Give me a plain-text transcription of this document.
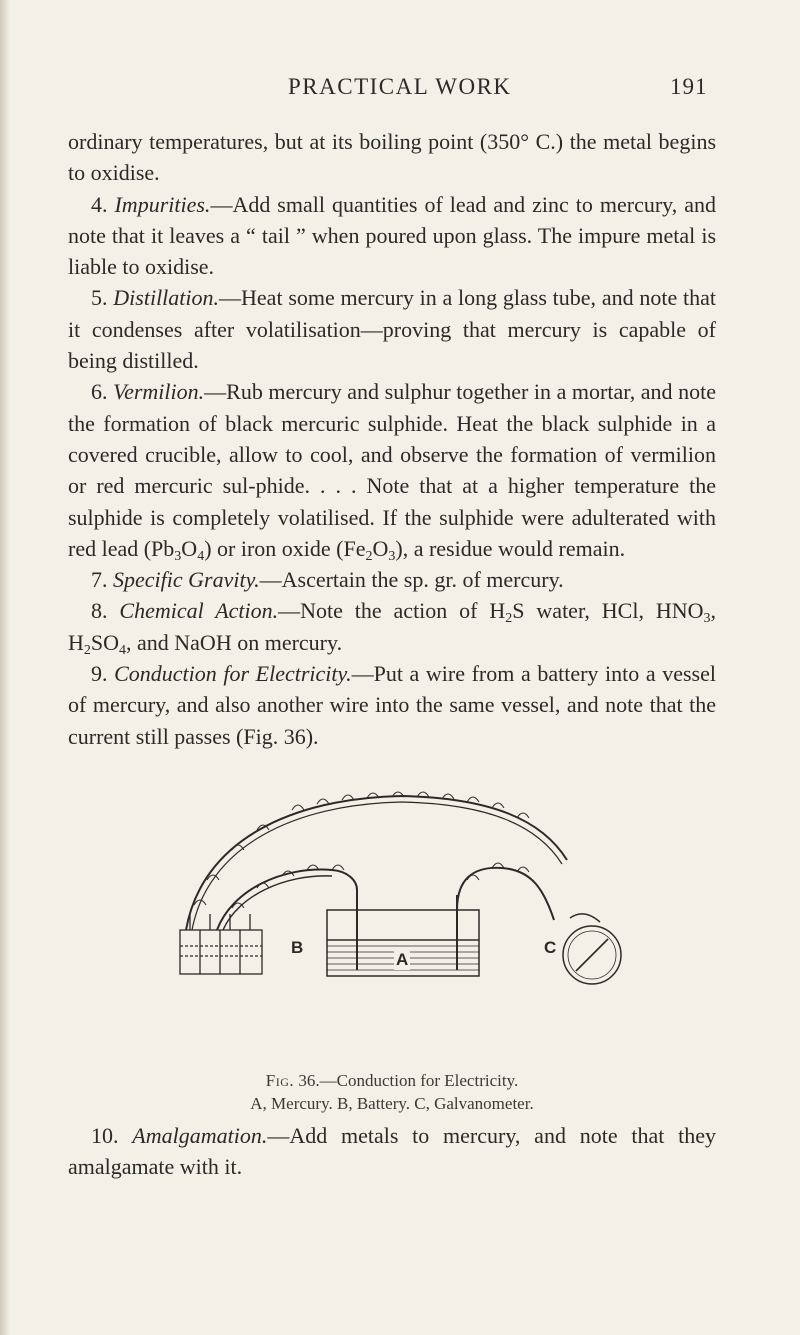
PRACTICAL WORK	191

ordinary temperatures, but at its boiling point (350° C.) the metal begins to oxidise.

4. Impurities.—Add small quantities of lead and zinc to mercury, and note that it leaves a “ tail ” when poured upon glass. The impure metal is liable to oxidise.

5. Distillation.—Heat some mercury in a long glass tube, and note that it condenses after volatilisation—proving that mercury is capable of being distilled.

6. Vermilion.—Rub mercury and sulphur together in a mortar, and note the formation of black mercuric sulphide. Heat the black sulphide in a covered crucible, allow to cool, and observe the formation of vermilion or red mercuric sul-phide. . . . Note that at a higher temperature the sulphide is completely volatilised. If the sulphide were adulterated with red lead $(Pb_3O_4)$ or iron oxide $(Fe_2O_3)$, a residue would remain.

7. Specific Gravity.—Ascertain the sp. gr. of mercury.

8. Chemical Action.—Note the action of $H_2S$ water, HCl, $HNO_3$, $H_2SO_4$, and NaOH on mercury.

9. Conduction for Electricity.—Put a wire from a battery into a vessel of mercury, and also another wire into the same vessel, and note that the current still passes (Fig. 36).

B
A
C
Fig. 36.—Conduction for Electricity.
A, Mercury. B, Battery. C, Galvanometer.

10. Amalgamation.—Add metals to mercury, and note that they amalgamate with it.
